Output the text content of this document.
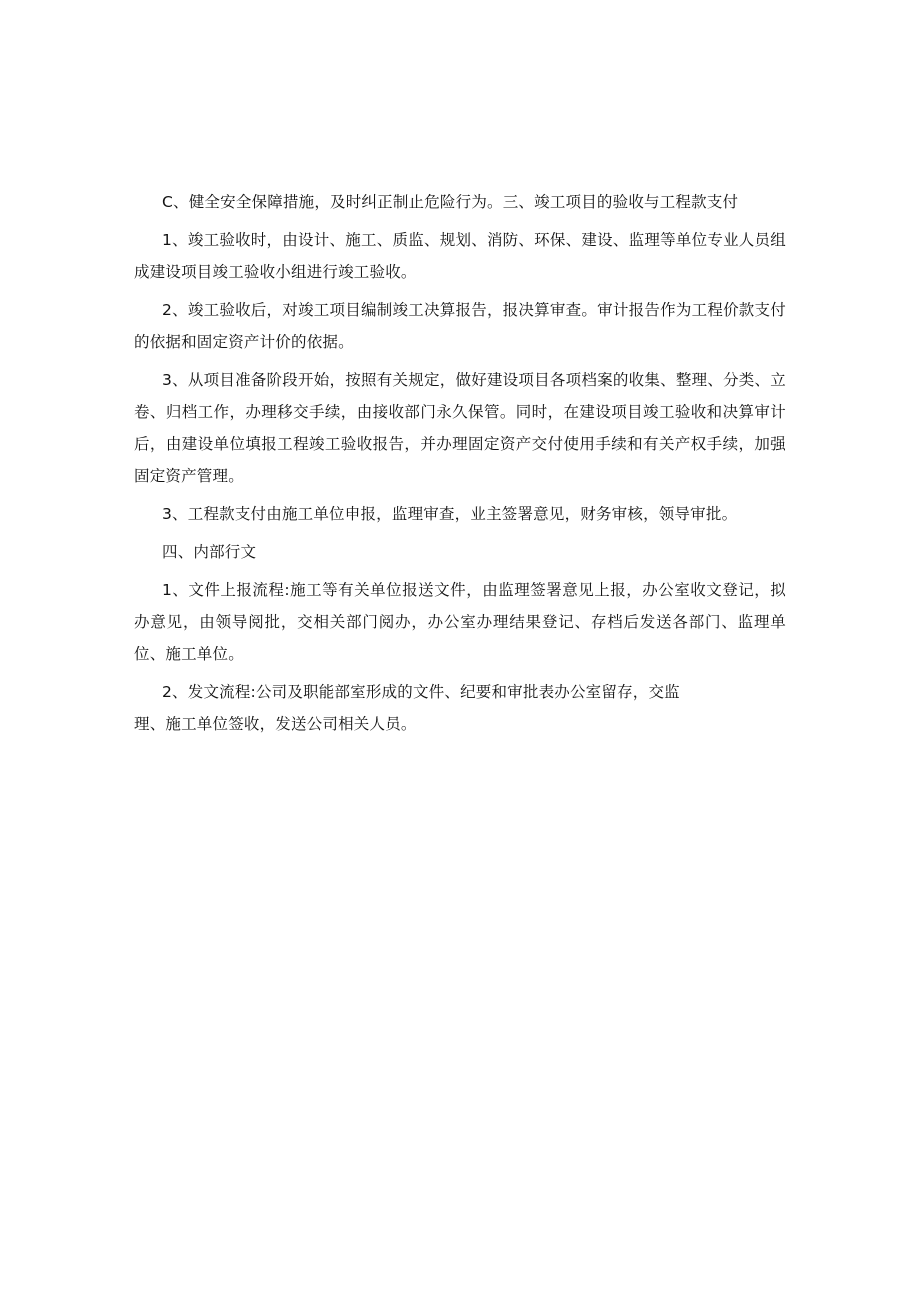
C、健全安全保障措施，及时纠正制止危险行为。三、竣工项目的验收与工程款支付

1、竣工验收时，由设计、施工、质监、规划、消防、环保、建设、监理等单位专业人员组成建设项目竣工验收小组进行竣工验收。

2、竣工验收后，对竣工项目编制竣工决算报告，报决算审查。审计报告作为工程价款支付的依据和固定资产计价的依据。

3、从项目准备阶段开始，按照有关规定，做好建设项目各项档案的收集、整理、分类、立卷、归档工作，办理移交手续，由接收部门永久保管。同时，在建设项目竣工验收和决算审计后，由建设单位填报工程竣工验收报告，并办理固定资产交付使用手续和有关产权手续，加强固定资产管理。

3、工程款支付由施工单位申报，监理审查，业主签署意见，财务审核，领导审批。

四、内部行文

1、文件上报流程:施工等有关单位报送文件，由监理签署意见上报，办公室收文登记，拟办意见，由领导阅批，交相关部门阅办，办公室办理结果登记、存档后发送各部门、监理单位、施工单位。

2、发文流程:公司及职能部室形成的文件、纪要和审批表办公室留存，交监
理、施工单位签收，发送公司相关人员。
